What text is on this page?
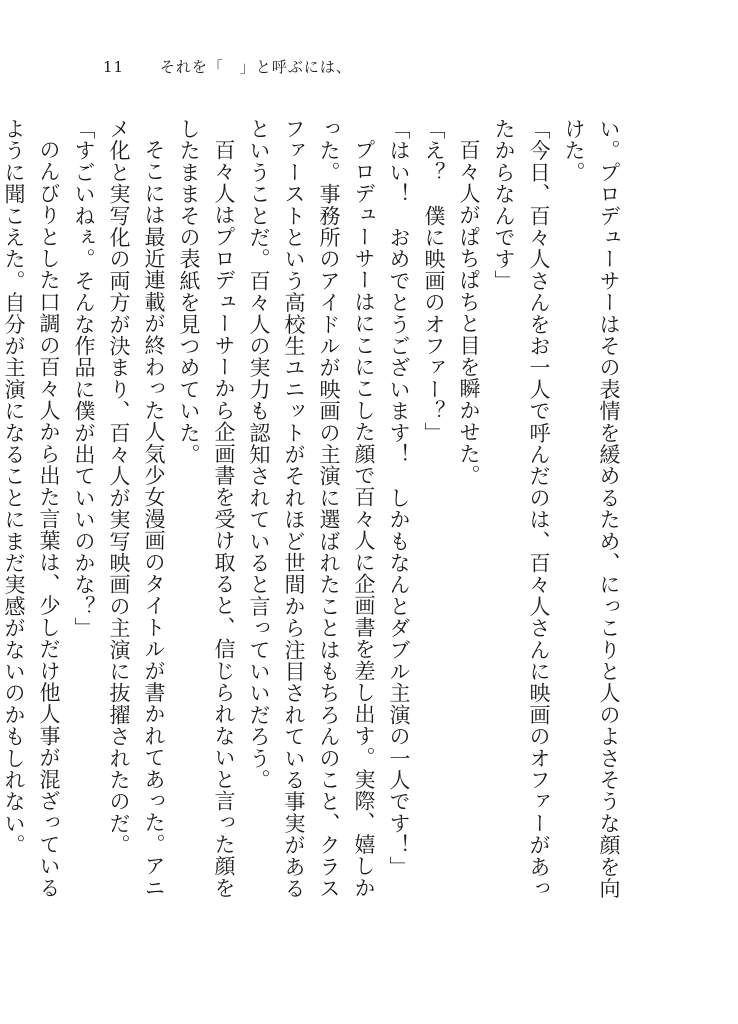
11 それを「　」と呼ぶには、

い。プロデューサーはその表情を緩めるため、にっこりと人のよさそうな顔を向けた。

「今日、百々人さんをお一人で呼んだのは、百々人さんに映画のオファーがあったからなんです」

百々人がぱちぱちと目を瞬かせた。

「え？　僕に映画のオファー？」

「はい！　おめでとうございます！　しかもなんとダブル主演の一人です！」

プロデューサーはにこにこした顔で百々人に企画書を差し出す。実際、嬉しかった。事務所のアイドルが映画の主演に選ばれたことはもちろんのこと、クラスファーストという高校生ユニットがそれほど世間から注目されている事実があるということだ。百々人の実力も認知されていると言っていいだろう。

百々人はプロデューサーから企画書を受け取ると、信じられないと言った顔をしたままその表紙を見つめていた。

そこには最近連載が終わった人気少女漫画のタイトルが書かれてあった。アニメ化と実写化の両方が決まり、百々人が実写映画の主演に抜擢されたのだ。

「すごいねぇ。そんな作品に僕が出ていいのかな？」

のんびりとした口調の百々人から出た言葉は、少しだけ他人事が混ざっているように聞こえた。自分が主演になることにまだ実感がないのかもしれない。
